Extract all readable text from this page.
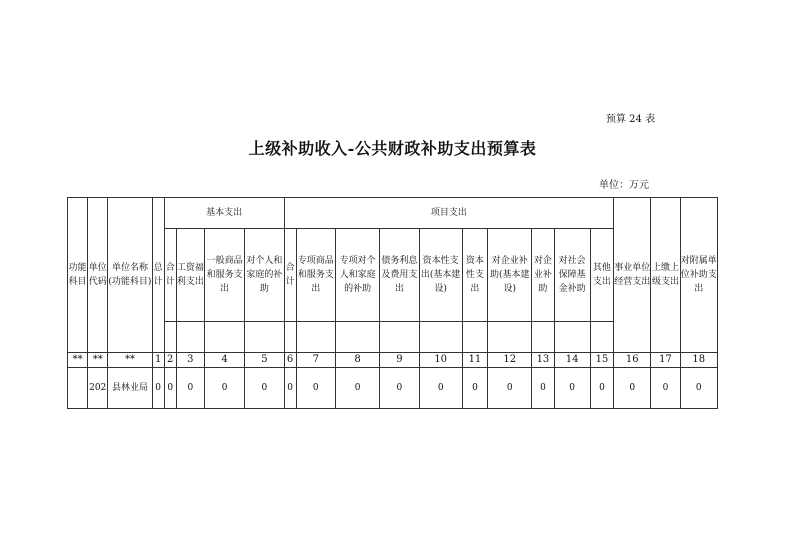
预算 24 表
上级补助收入-公共财政补助支出预算表
单位：万元
功能科目	单位代码	单位名称(功能科目)	总计	基本支出				项目支出										事业单位经营支出	上缴上级支出	对附属单位补助支出
				合计	工资福利支出	一般商品和服务支出	对个人和家庭的补助	合计	专项商品和服务支出	专项对个人和家庭的补助	债务利息及费用支出	资本性支出(基本建设)	资本性支出	对企业补助(基本建设)	对企业补助	对社会保障基金补助	其他支出			

**	**	**	1	2	3	4	5	6	7	8	9	10	11	12	13	14	15	16	17	18
	202	县林业局	0	0	0	0	0	0	0	0	0	0	0	0	0	0	0	0	0	0
